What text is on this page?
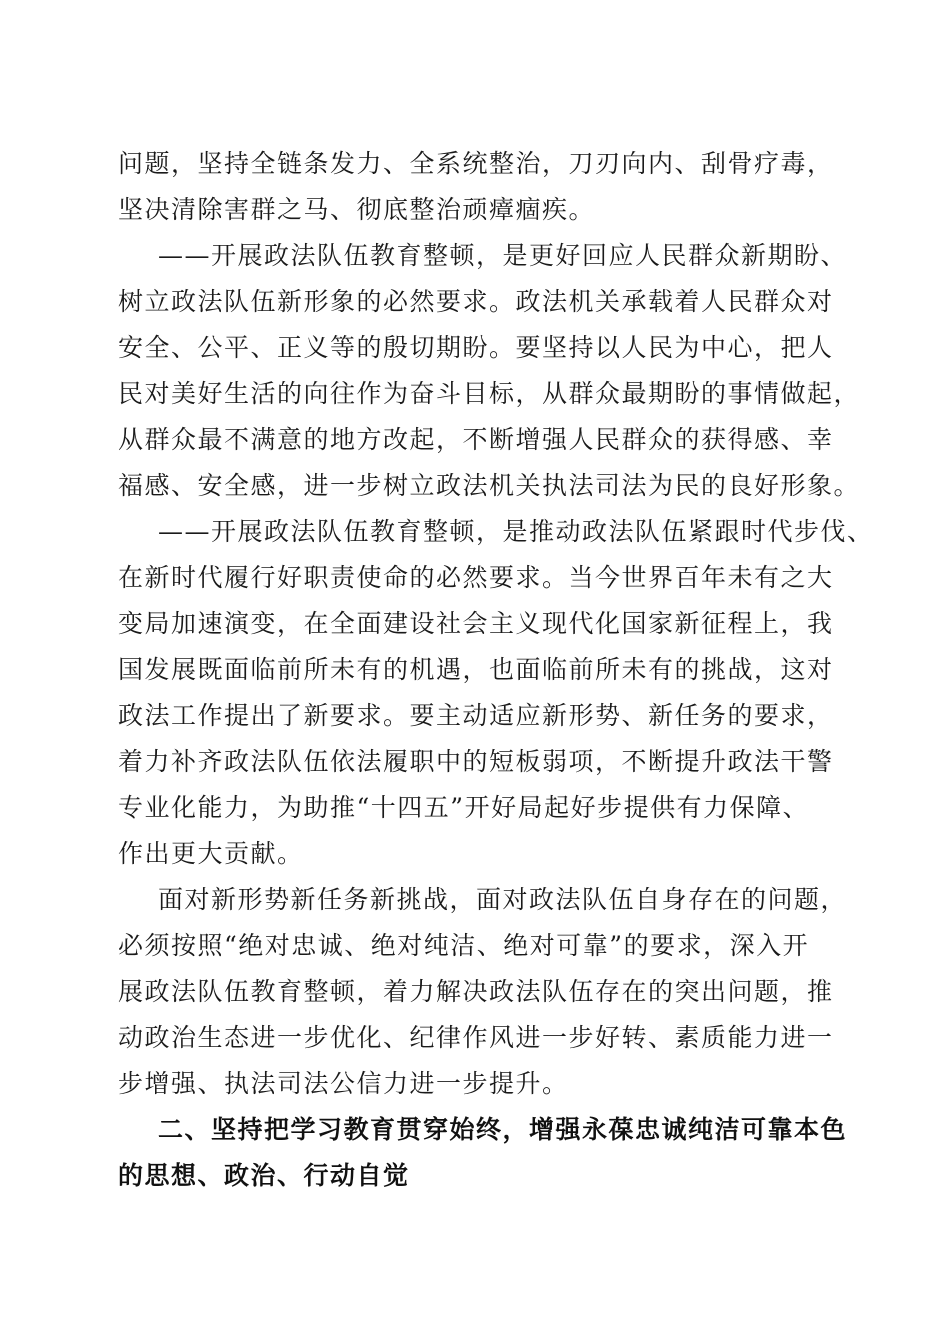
问题，坚持全链条发力、全系统整治，刀刃向内、刮骨疗毒，
坚决清除害群之马、彻底整治顽瘴痼疾。
——开展政法队伍教育整顿，是更好回应人民群众新期盼、
树立政法队伍新形象的必然要求。政法机关承载着人民群众对
安全、公平、正义等的殷切期盼。要坚持以人民为中心，把人
民对美好生活的向往作为奋斗目标，从群众最期盼的事情做起，
从群众最不满意的地方改起，不断增强人民群众的获得感、幸
福感、安全感，进一步树立政法机关执法司法为民的良好形象。
——开展政法队伍教育整顿，是推动政法队伍紧跟时代步伐、
在新时代履行好职责使命的必然要求。当今世界百年未有之大
变局加速演变，在全面建设社会主义现代化国家新征程上，我
国发展既面临前所未有的机遇，也面临前所未有的挑战，这对
政法工作提出了新要求。要主动适应新形势、新任务的要求，
着力补齐政法队伍依法履职中的短板弱项，不断提升政法干警
专业化能力，为助推“十四五”开好局起好步提供有力保障、
作出更大贡献。
面对新形势新任务新挑战，面对政法队伍自身存在的问题，
必须按照“绝对忠诚、绝对纯洁、绝对可靠”的要求，深入开
展政法队伍教育整顿，着力解决政法队伍存在的突出问题，推
动政治生态进一步优化、纪律作风进一步好转、素质能力进一
步增强、执法司法公信力进一步提升。
二、坚持把学习教育贯穿始终，增强永葆忠诚纯洁可靠本色
的思想、政治、行动自觉
